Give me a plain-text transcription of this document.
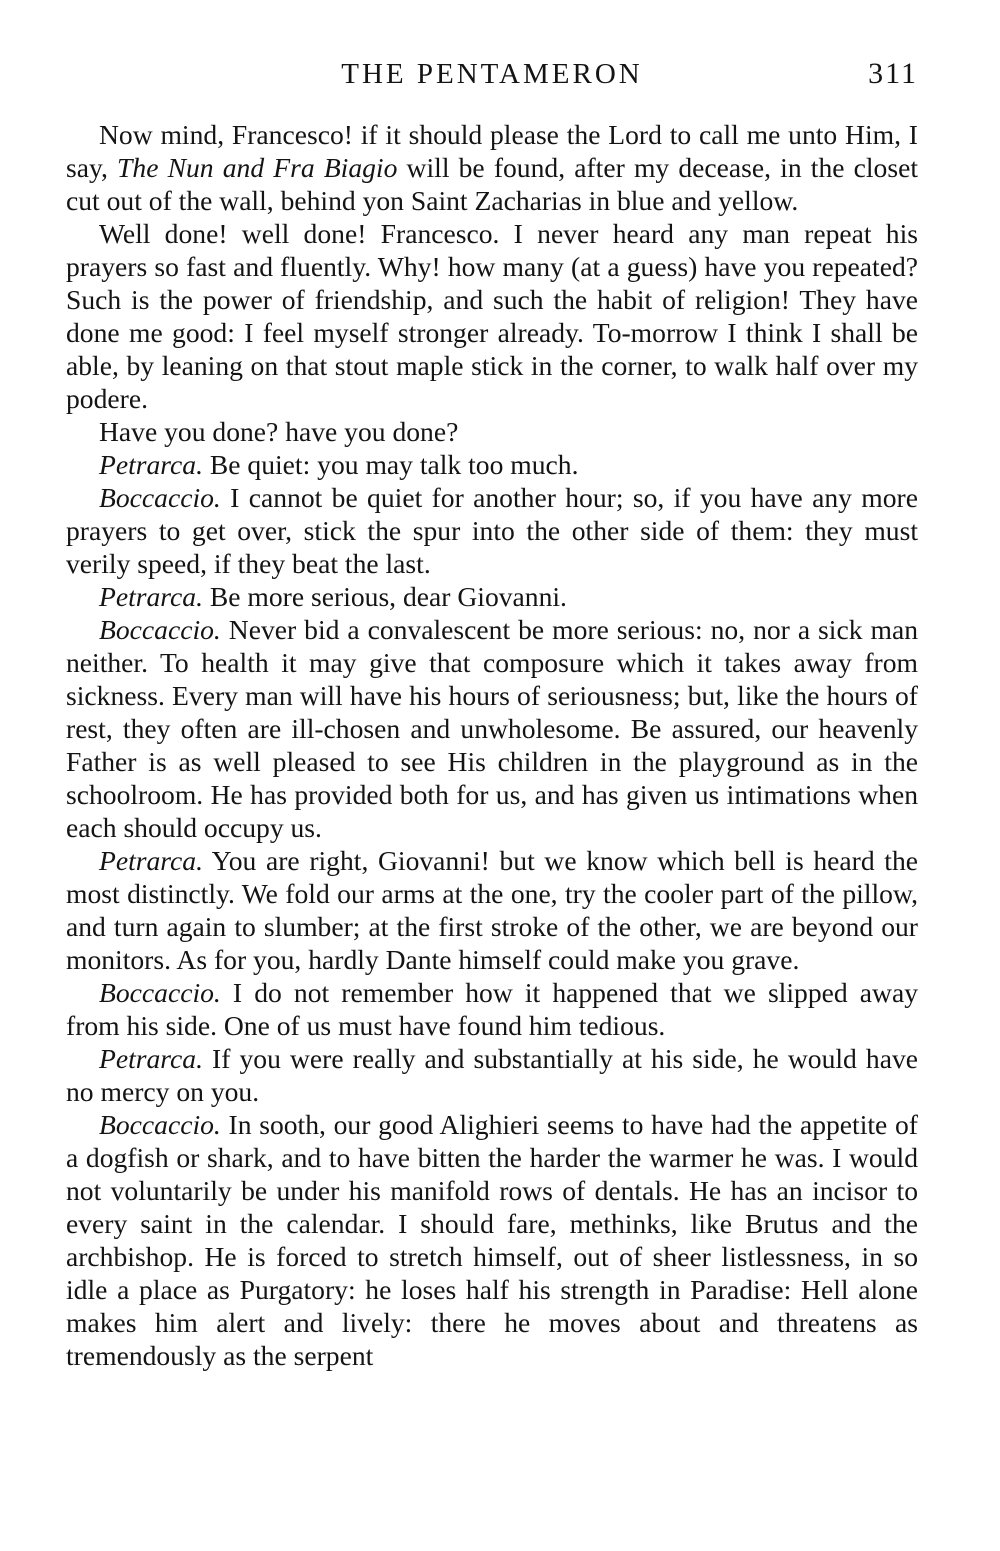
THE PENTAMERON	311

Now mind, Francesco! if it should please the Lord to call me unto Him, I say, The Nun and Fra Biagio will be found, after my decease, in the closet cut out of the wall, behind yon Saint Zacharias in blue and yellow.

Well done! well done! Francesco. I never heard any man repeat his prayers so fast and fluently. Why! how many (at a guess) have you repeated? Such is the power of friendship, and such the habit of religion! They have done me good: I feel myself stronger already. To-morrow I think I shall be able, by leaning on that stout maple stick in the corner, to walk half over my podere.

Have you done? have you done?

Petrarca. Be quiet: you may talk too much.

Boccaccio. I cannot be quiet for another hour; so, if you have any more prayers to get over, stick the spur into the other side of them: they must verily speed, if they beat the last.

Petrarca. Be more serious, dear Giovanni.

Boccaccio. Never bid a convalescent be more serious: no, nor a sick man neither. To health it may give that composure which it takes away from sickness. Every man will have his hours of seriousness; but, like the hours of rest, they often are ill-chosen and unwholesome. Be assured, our heavenly Father is as well pleased to see His children in the playground as in the schoolroom. He has provided both for us, and has given us intimations when each should occupy us.

Petrarca. You are right, Giovanni! but we know which bell is heard the most distinctly. We fold our arms at the one, try the cooler part of the pillow, and turn again to slumber; at the first stroke of the other, we are beyond our monitors. As for you, hardly Dante himself could make you grave.

Boccaccio. I do not remember how it happened that we slipped away from his side. One of us must have found him tedious.

Petrarca. If you were really and substantially at his side, he would have no mercy on you.

Boccaccio. In sooth, our good Alighieri seems to have had the appetite of a dogfish or shark, and to have bitten the harder the warmer he was. I would not voluntarily be under his manifold rows of dentals. He has an incisor to every saint in the calendar. I should fare, methinks, like Brutus and the archbishop. He is forced to stretch himself, out of sheer listlessness, in so idle a place as Purgatory: he loses half his strength in Paradise: Hell alone makes him alert and lively: there he moves about and threatens as tremendously as the serpent
